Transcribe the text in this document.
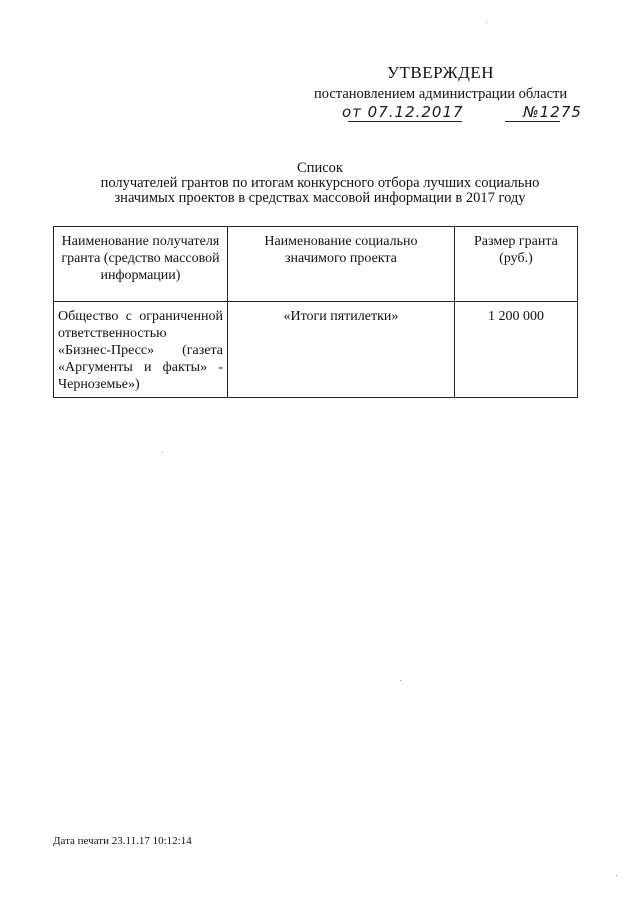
УТВЕРЖДЕН
постановлением администрации области
от 07.12.2017	№1275
Список
получателей грантов по итогам конкурсного отбора лучших социально
значимых проектов в средствах массовой информации в 2017 году
Наименование получателя гранта (средство массовой информации)	Наименование социально значимого проекта	Размер гранта (руб.)
Общество с ограниченной ответственностью «Бизнес-Пресс» (газета «Аргументы и факты» - Черноземье»)	«Итоги пятилетки»	1 200 000
Дата печати 23.11.17 10:12:14
